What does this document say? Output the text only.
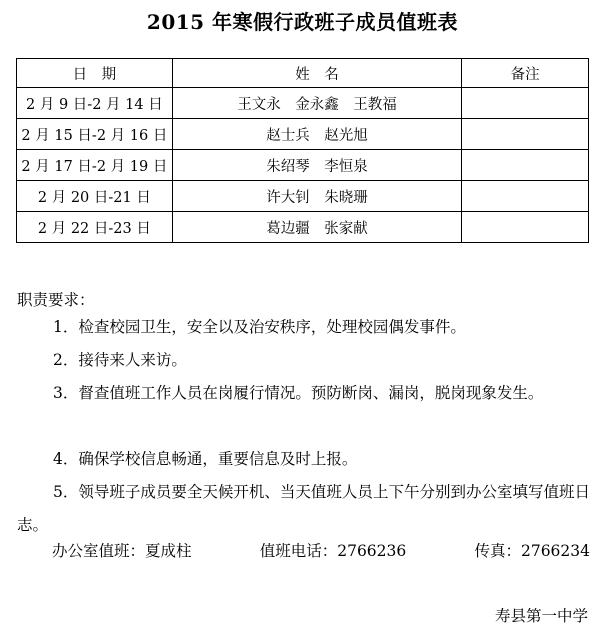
2015 年寒假行政班子成员值班表
日　期	姓　名	备注
2 月 9 日-2 月 14 日	王文永　金永鑫　王教福	
2 月 15 日-2 月 16 日	赵士兵　赵光旭	
2 月 17 日-2 月 19 日	朱绍琴　李恒泉	
2 月 20 日-21 日	许大钊　朱晓珊	
2 月 22 日-23 日	葛边疆　张家献	
职责要求：
1．检查校园卫生，安全以及治安秩序，处理校园偶发事件。
2．接待来人来访。
3．督查值班工作人员在岗履行情况。预防断岗、漏岗，脱岗现象发生。
4．确保学校信息畅通，重要信息及时上报。
5．领导班子成员要全天候开机、当天值班人员上下午分别到办公室填写值班日志。
办公室值班：夏成柱	值班电话：2766236	传真：2766234
寿县第一中学
